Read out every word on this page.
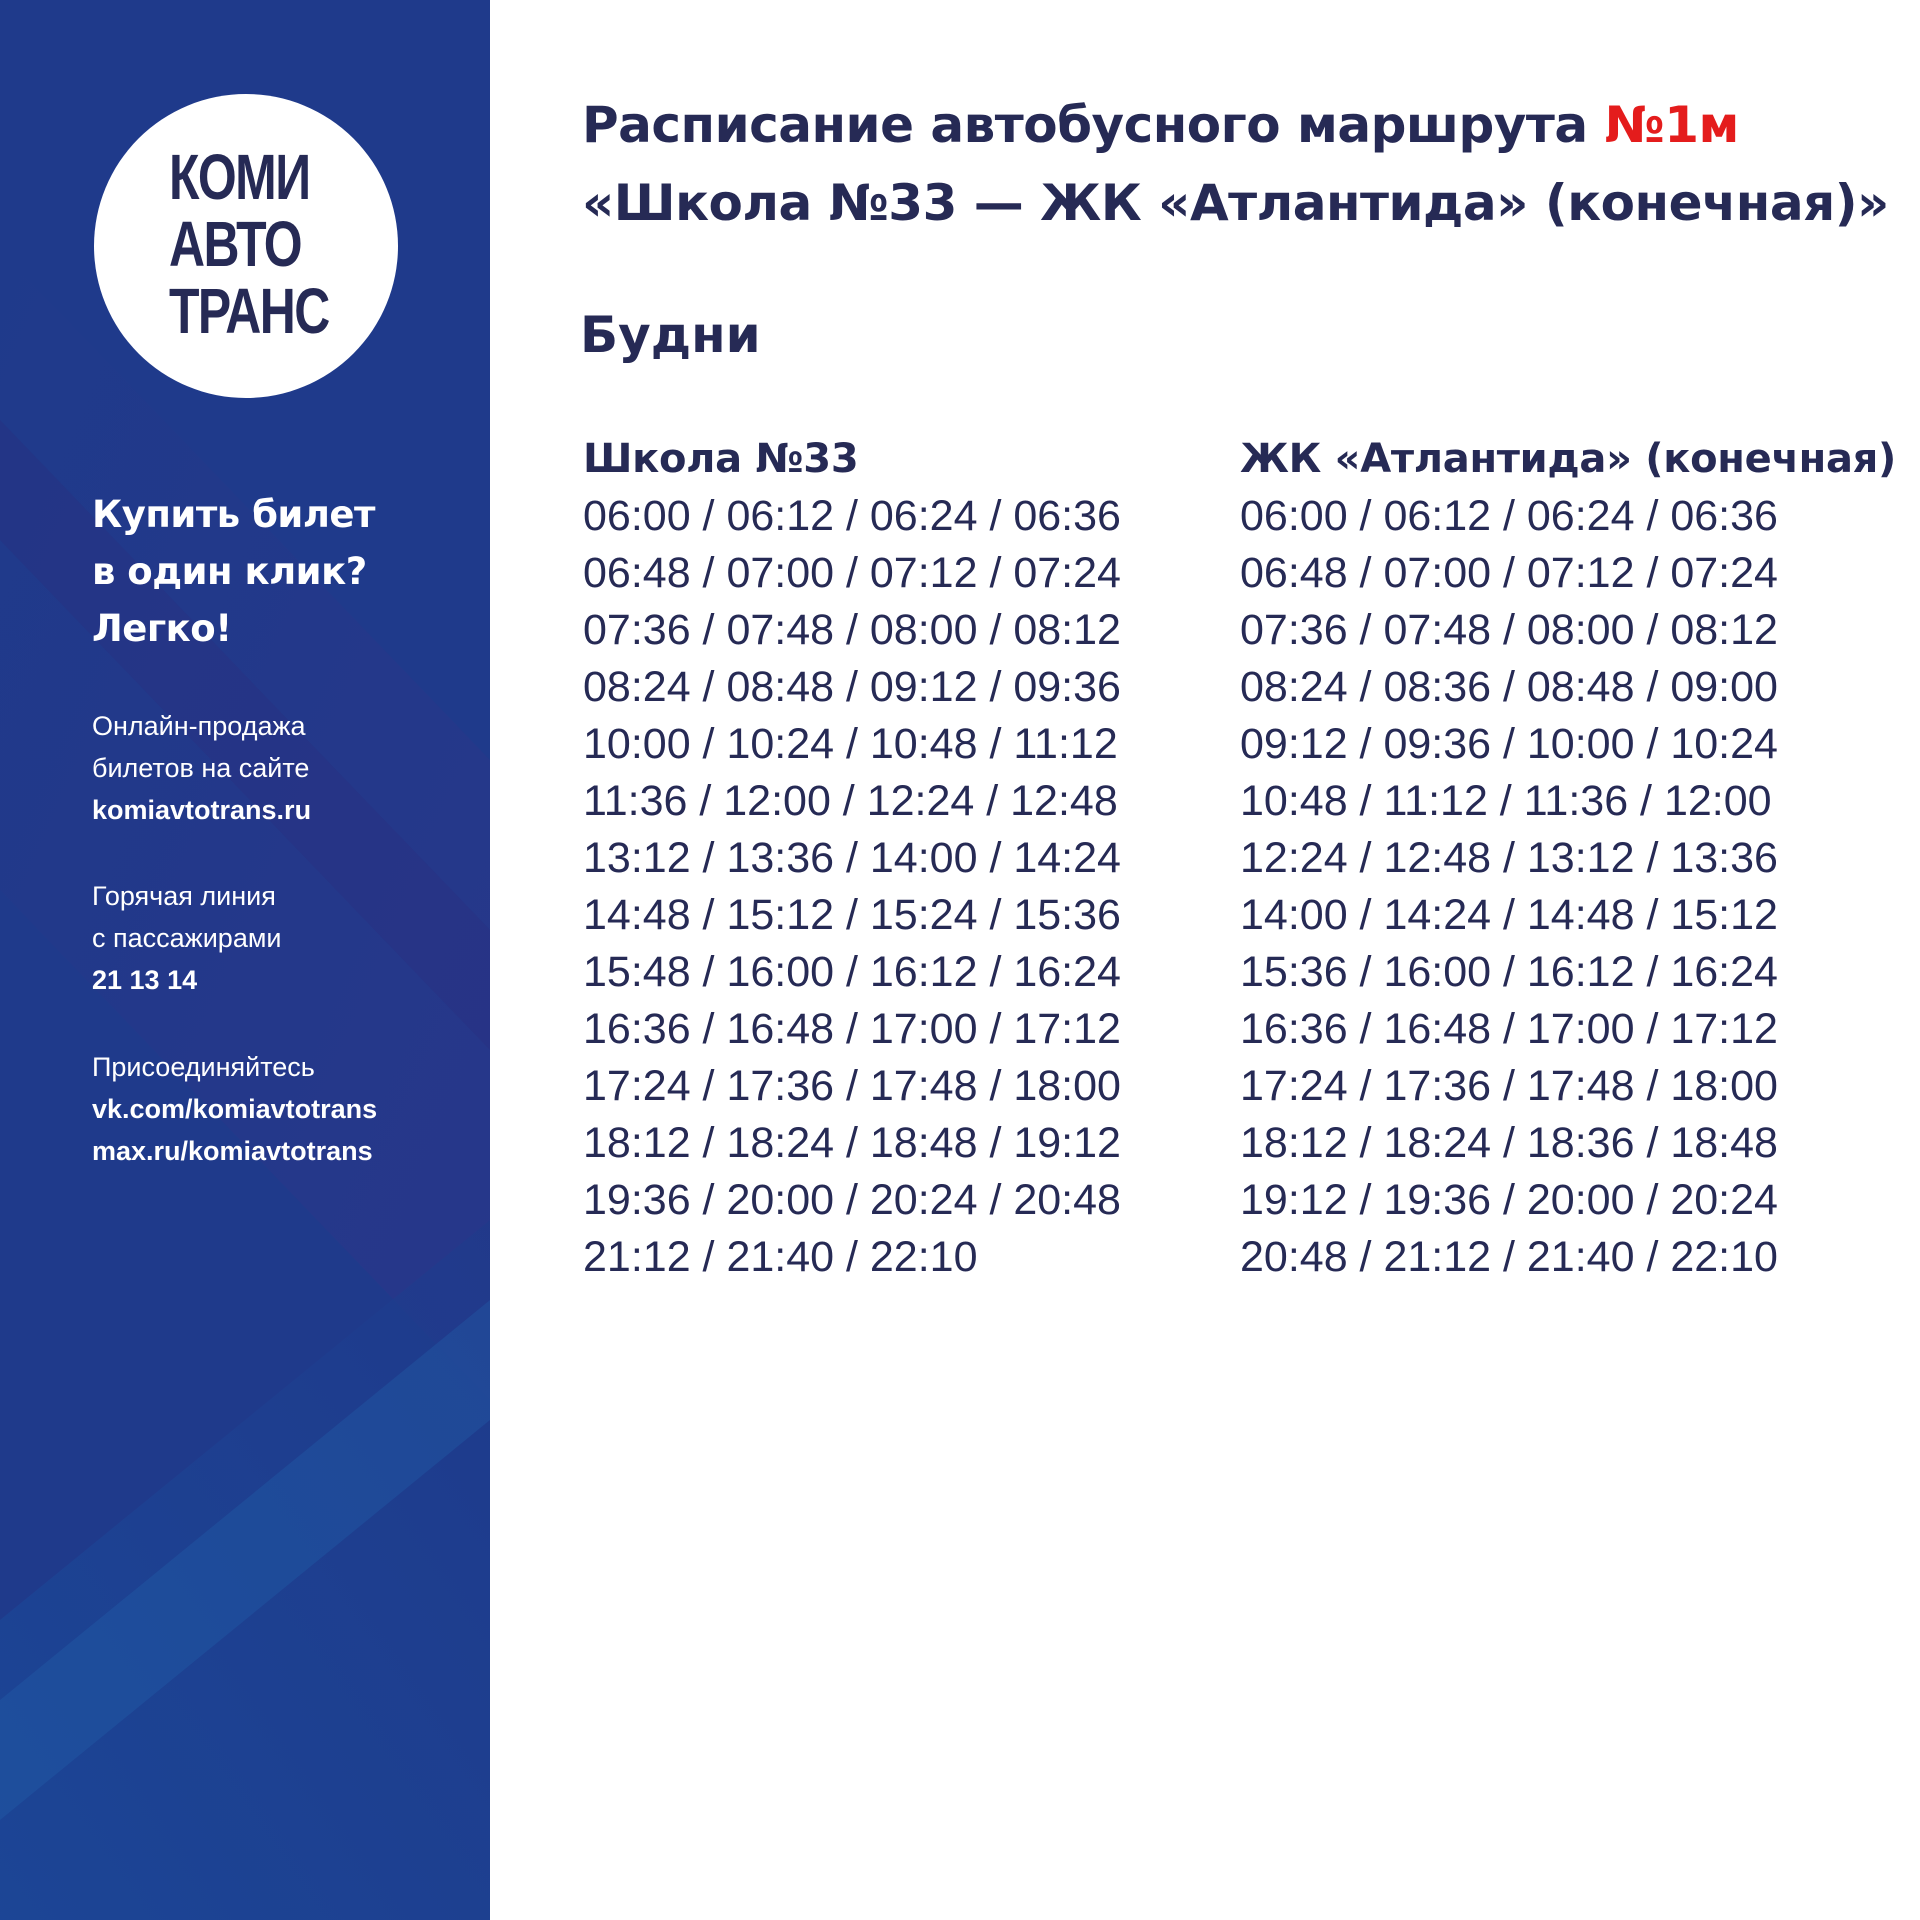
КОМИ
АВТО
ТРАНС
Купить билет
в один клик?
Легко!
Онлайн-продажа
билетов на сайте
komiavtotrans.ru
Горячая линия
с пассажирами
21 13 14
Присоединяйтесь
vk.com/komiavtotrans
max.ru/komiavtotrans
Расписание автобусного маршрута №1м
«Школа №33 — ЖК «Атлантида» (конечная)»
Будни
Школа №33
06:00 / 06:12 / 06:24 / 06:36
06:48 / 07:00 / 07:12 / 07:24
07:36 / 07:48 / 08:00 / 08:12
08:24 / 08:48 / 09:12 / 09:36
10:00 / 10:24 / 10:48 / 11:12
11:36 / 12:00 / 12:24 / 12:48
13:12 / 13:36 / 14:00 / 14:24
14:48 / 15:12 / 15:24 / 15:36
15:48 / 16:00 / 16:12 / 16:24
16:36 / 16:48 / 17:00 / 17:12
17:24 / 17:36 / 17:48 / 18:00
18:12 / 18:24 / 18:48 / 19:12
19:36 / 20:00 / 20:24 / 20:48
21:12 / 21:40 / 22:10
ЖК «Атлантида» (конечная)
06:00 / 06:12 / 06:24 / 06:36
06:48 / 07:00 / 07:12 / 07:24
07:36 / 07:48 / 08:00 / 08:12
08:24 / 08:36 / 08:48 / 09:00
09:12 / 09:36 / 10:00 / 10:24
10:48 / 11:12 / 11:36 / 12:00
12:24 / 12:48 / 13:12 / 13:36
14:00 / 14:24 / 14:48 / 15:12
15:36 / 16:00 / 16:12 / 16:24
16:36 / 16:48 / 17:00 / 17:12
17:24 / 17:36 / 17:48 / 18:00
18:12 / 18:24 / 18:36 / 18:48
19:12 / 19:36 / 20:00 / 20:24
20:48 / 21:12 / 21:40 / 22:10
